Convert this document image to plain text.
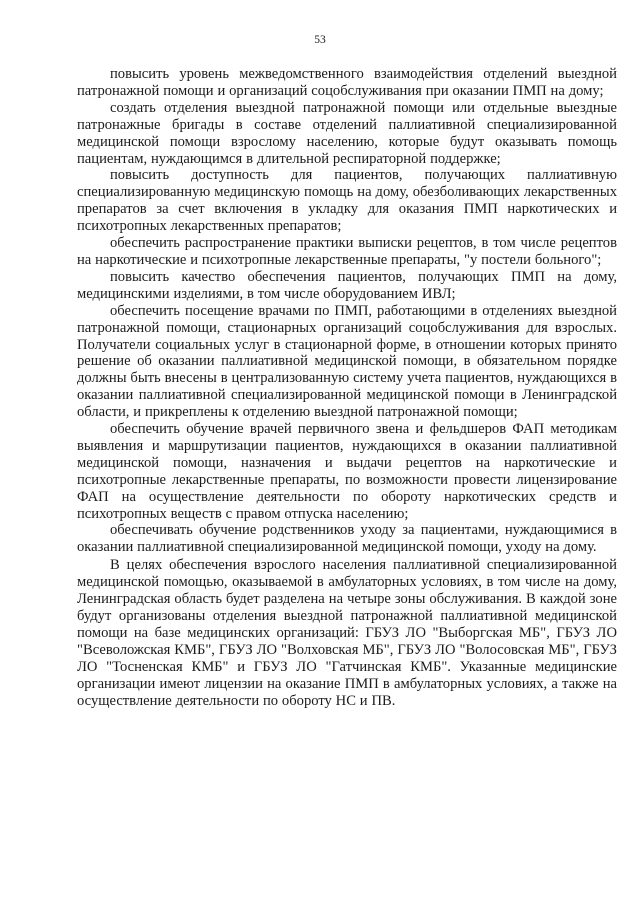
53

повысить уровень межведомственного взаимодействия отделений выездной патронажной помощи и организаций соцобслуживания при оказании ПМП на дому;

создать отделения выездной патронажной помощи или отдельные выездные патронажные бригады в составе отделений паллиативной специализированной медицинской помощи взрослому населению, которые будут оказывать помощь пациентам, нуждающимся в длительной респираторной поддержке;

повысить доступность для пациентов, получающих паллиативную специализированную медицинскую помощь на дому, обезболивающих лекарственных препаратов за счет включения в укладку для оказания ПМП наркотических и психотропных лекарственных препаратов;

обеспечить распространение практики выписки рецептов, в том числе рецептов на наркотические и психотропные лекарственные препараты, "у постели больного";

повысить качество обеспечения пациентов, получающих ПМП на дому, медицинскими изделиями, в том числе оборудованием ИВЛ;

обеспечить посещение врачами по ПМП, работающими в отделениях выездной патронажной помощи, стационарных организаций соцобслуживания для взрослых. Получатели социальных услуг в стационарной форме, в отношении которых принято решение об оказании паллиативной медицинской помощи, в обязательном порядке должны быть внесены в централизованную систему учета пациентов, нуждающихся в оказании паллиативной специализированной медицинской помощи в Ленинградской области, и прикреплены к отделению выездной патронажной помощи;

обеспечить обучение врачей первичного звена и фельдшеров ФАП методикам выявления и маршрутизации пациентов, нуждающихся в оказании паллиативной медицинской помощи, назначения и выдачи рецептов на наркотические и психотропные лекарственные препараты, по возможности провести лицензирование ФАП на осуществление деятельности по обороту наркотических средств и психотропных веществ с правом отпуска населению;

обеспечивать обучение родственников уходу за пациентами, нуждающимися в оказании паллиативной специализированной медицинской помощи, уходу на дому.

В целях обеспечения взрослого населения паллиативной специализированной медицинской помощью, оказываемой в амбулаторных условиях, в том числе на дому, Ленинградская область будет разделена на четыре зоны обслуживания. В каждой зоне будут организованы отделения выездной патронажной паллиативной медицинской помощи на базе медицинских организаций: ГБУЗ ЛО "Выборгская МБ", ГБУЗ ЛО "Всеволожская КМБ", ГБУЗ ЛО "Волховская МБ", ГБУЗ ЛО "Волосовская МБ", ГБУЗ ЛО "Тосненская КМБ" и ГБУЗ ЛО "Гатчинская КМБ". Указанные медицинские организации имеют лицензии на оказание ПМП в амбулаторных условиях, а также на осуществление деятельности по обороту НС и ПВ.
